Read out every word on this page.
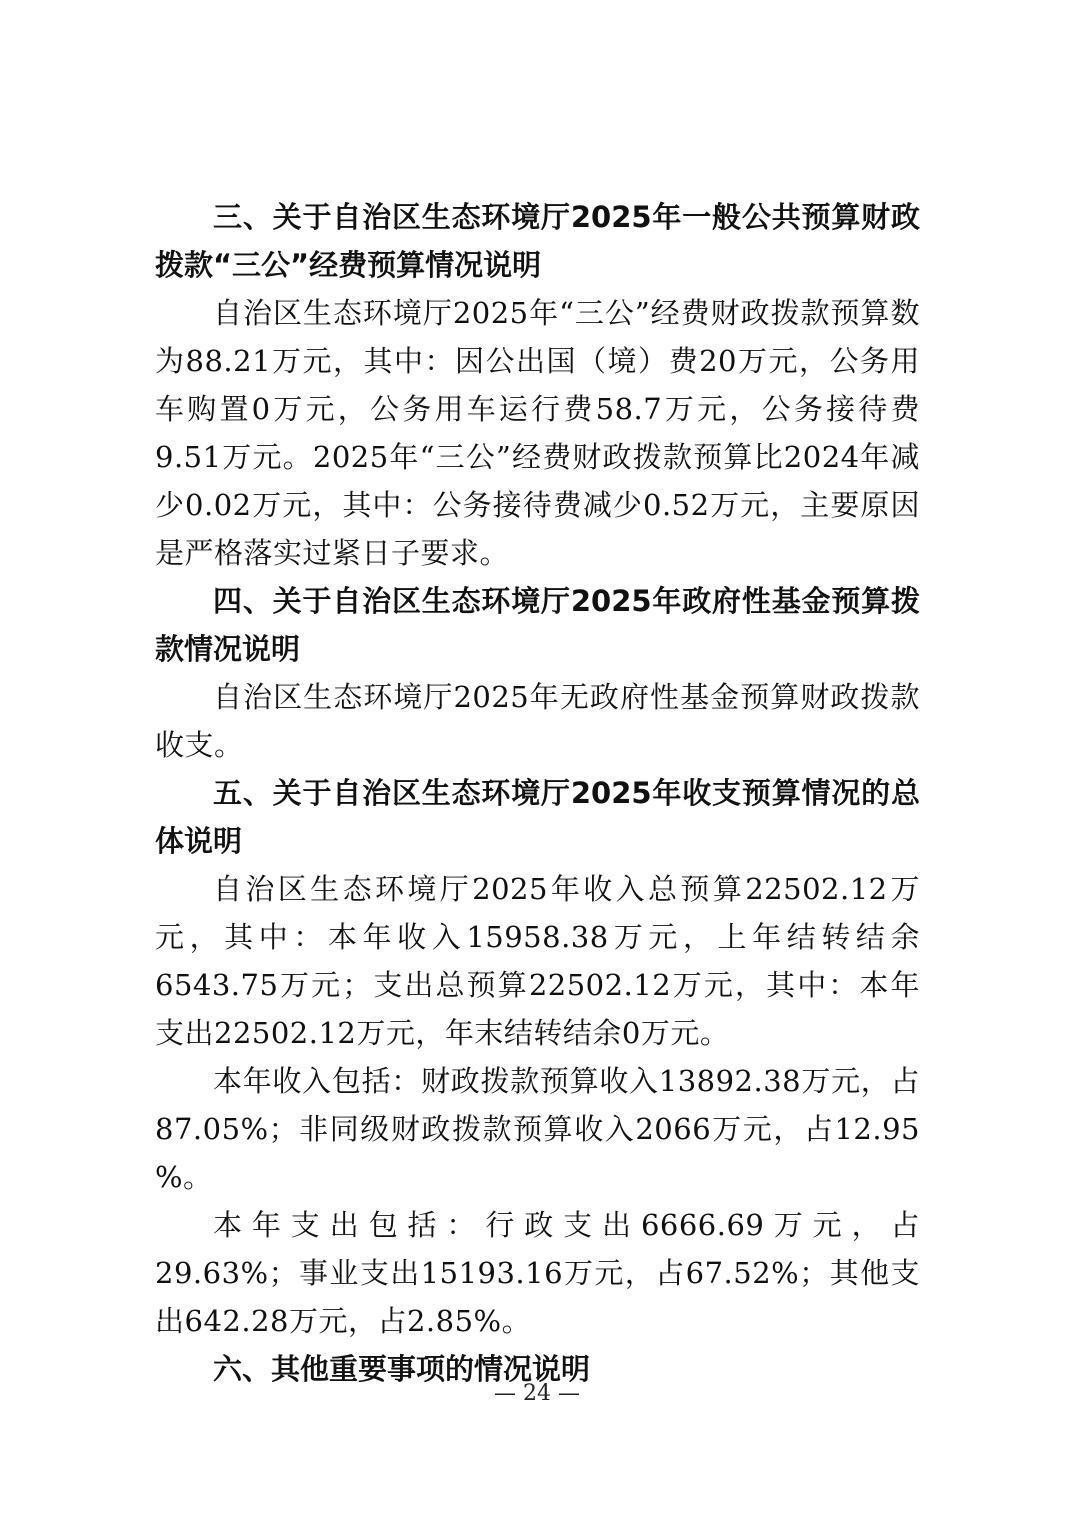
三、关于自治区生态环境厅2025年一般公共预算财政拨款“三公”经费预算情况说明

自治区生态环境厅2025年“三公”经费财政拨款预算数为88.21万元，其中：因公出国（境）费20万元，公务用车购置0万元，公务用车运行费58.7万元，公务接待费9.51万元。2025年“三公”经费财政拨款预算比2024年减少0.02万元，其中：公务接待费减少0.52万元，主要原因是严格落实过紧日子要求。

四、关于自治区生态环境厅2025年政府性基金预算拨款情况说明

自治区生态环境厅2025年无政府性基金预算财政拨款收支。

五、关于自治区生态环境厅2025年收支预算情况的总体说明

自治区生态环境厅2025年收入总预算22502.12万元，其中：本年收入15958.38万元，上年结转结余6543.75万元；支出总预算22502.12万元，其中：本年支出22502.12万元，年末结转结余0万元。

本年收入包括：财政拨款预算收入13892.38万元，占87.05%；非同级财政拨款预算收入2066万元，占12.95 %。

本年支出包括：行政支出6666.69万元，占29.63%；事业支出15193.16万元，占67.52%；其他支出642.28万元，占2.85%。

六、其他重要事项的情况说明

— 24 —
